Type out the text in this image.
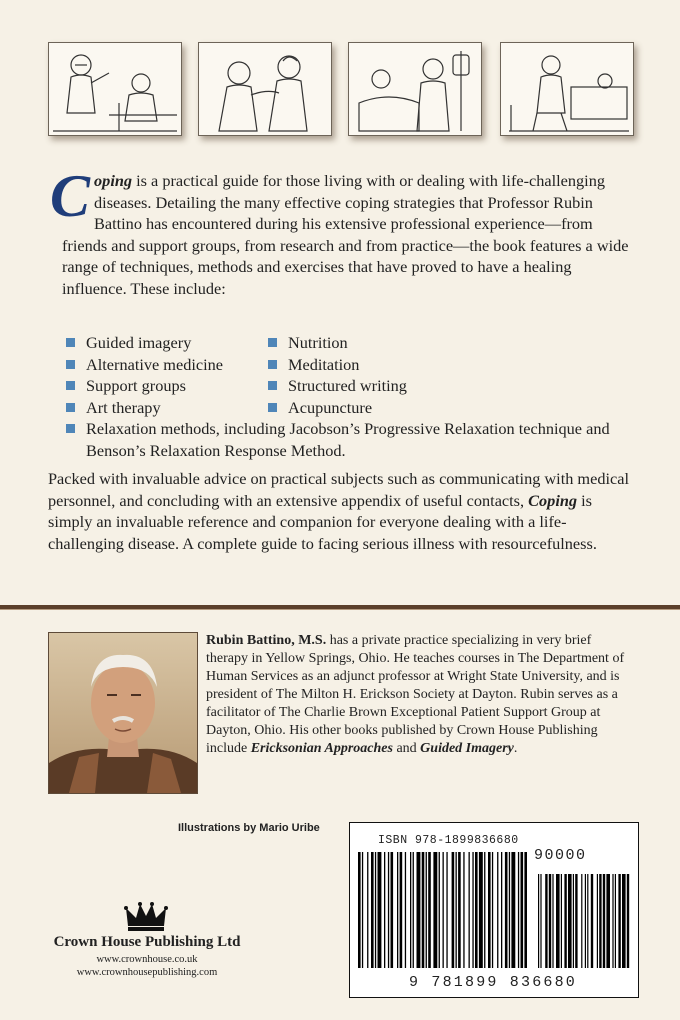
Coping is a practical guide for those living with or dealing with life-challenging diseases. Detailing the many effective coping strategies that Professor Rubin Battino has encountered during his extensive professional experience—from friends and support groups, from research and from practice—the book features a wide range of techniques, methods and exercises that have proved to have a healing influence. These include:

Guided imagery	Nutrition
Alternative medicine	Meditation
Support groups	Structured writing
Art therapy	Acupuncture
Relaxation methods, including Jacobson’s Progressive Relaxation technique and Benson’s Relaxation Response Method.

Packed with invaluable advice on practical subjects such as communicating with medical personnel, and concluding with an extensive appendix of useful contacts, Coping is simply an invaluable reference and companion for everyone dealing with a life-challenging disease. A complete guide to facing serious illness with resourcefulness.

Rubin Battino, M.S. has a private practice specializing in very brief therapy in Yellow Springs, Ohio. He teaches courses in The Department of Human Services as an adjunct professor at Wright State University, and is president of The Milton H. Erickson Society at Dayton. Rubin serves as a facilitator of The Charlie Brown Exceptional Patient Support Group at Dayton, Ohio. His other books published by Crown House Publishing include Ericksonian Approaches and Guided Imagery.

Illustrations by Mario Uribe
Crown House Publishing Ltd
www.crownhouse.co.uk
www.crownhousepublishing.com
ISBN 978-1899836680
90000
9 781899 836680
